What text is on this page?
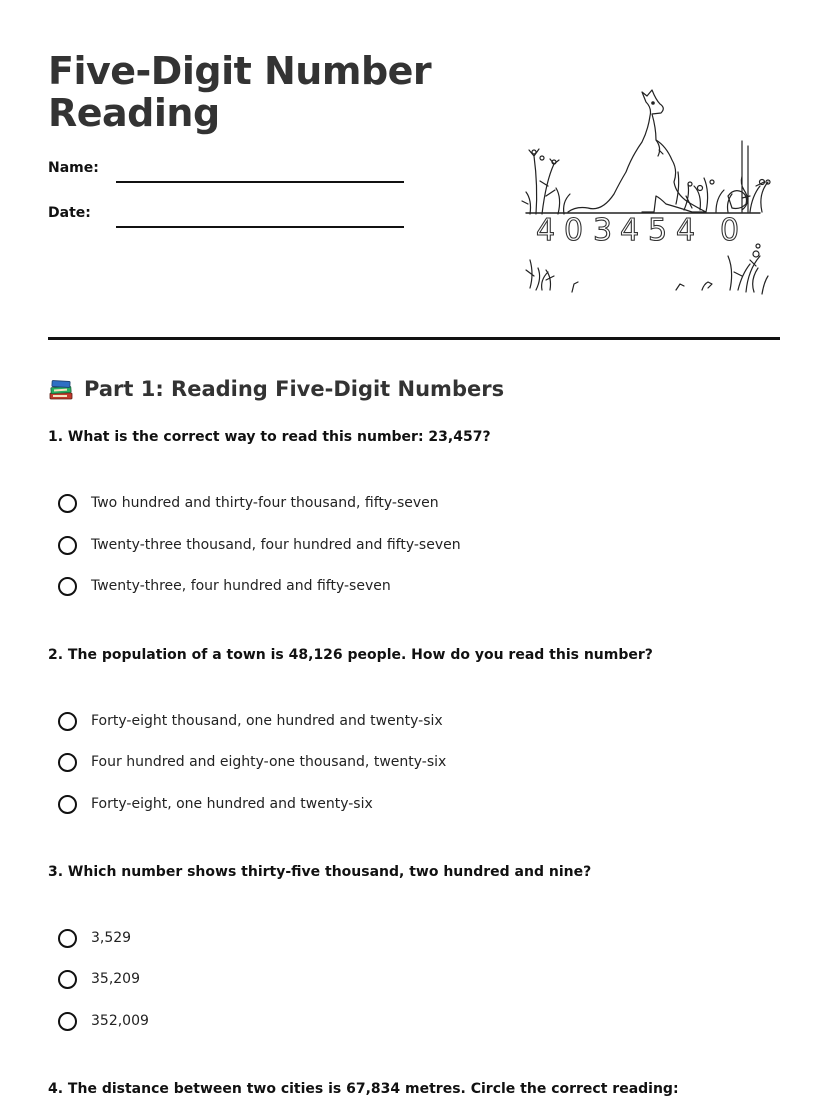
Five-Digit Number Reading
Name:
Date:	4 0 3 4 5 4 0
Part 1: Reading Five-Digit Numbers
1. What is the correct way to read this number: 23,457?
Two hundred and thirty-four thousand, fifty-seven
Twenty-three thousand, four hundred and fifty-seven
Twenty-three, four hundred and fifty-seven
2. The population of a town is 48,126 people. How do you read this number?
Forty-eight thousand, one hundred and twenty-six
Four hundred and eighty-one thousand, twenty-six
Forty-eight, one hundred and twenty-six
3. Which number shows thirty-five thousand, two hundred and nine?
3,529
35,209
352,009
4. The distance between two cities is 67,834 metres. Circle the correct reading:
